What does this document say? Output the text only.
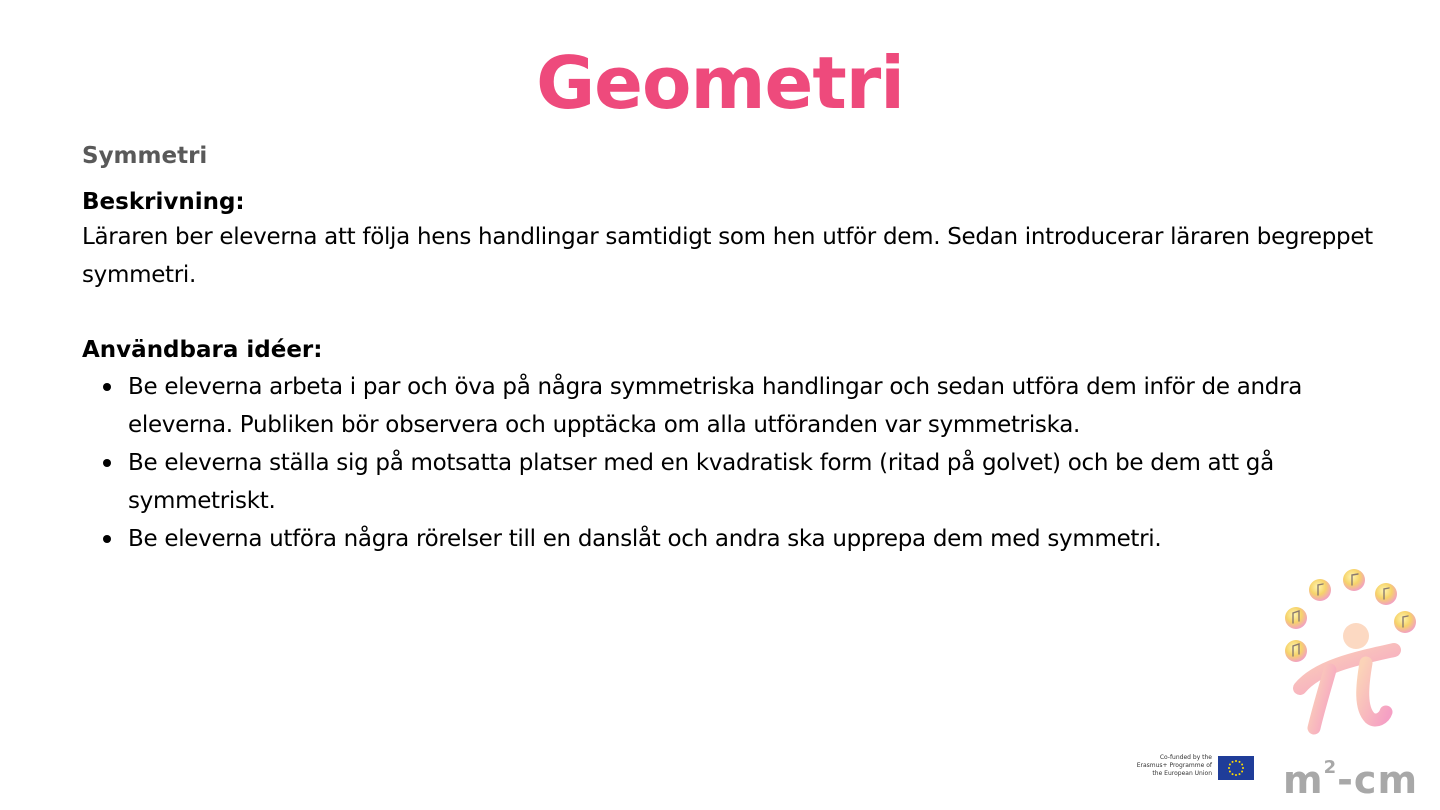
Geometri
Symmetri
Beskrivning:
Läraren ber eleverna att följa hens handlingar samtidigt som hen utför dem. Sedan introducerar läraren begreppet symmetri.
Användbara idéer:
Be eleverna arbeta i par och öva på några symmetriska handlingar och sedan utföra dem inför de andra eleverna. Publiken bör observera och upptäcka om alla utföranden var symmetriska.
Be eleverna ställa sig på motsatta platser med en kvadratisk form (ritad på golvet) och be dem att gå symmetriskt.
Be eleverna utföra några rörelser till en danslåt och andra ska upprepa dem med symmetri.
$m^2-cm$
Co-funded by the Erasmus+ Programme of the European Union
